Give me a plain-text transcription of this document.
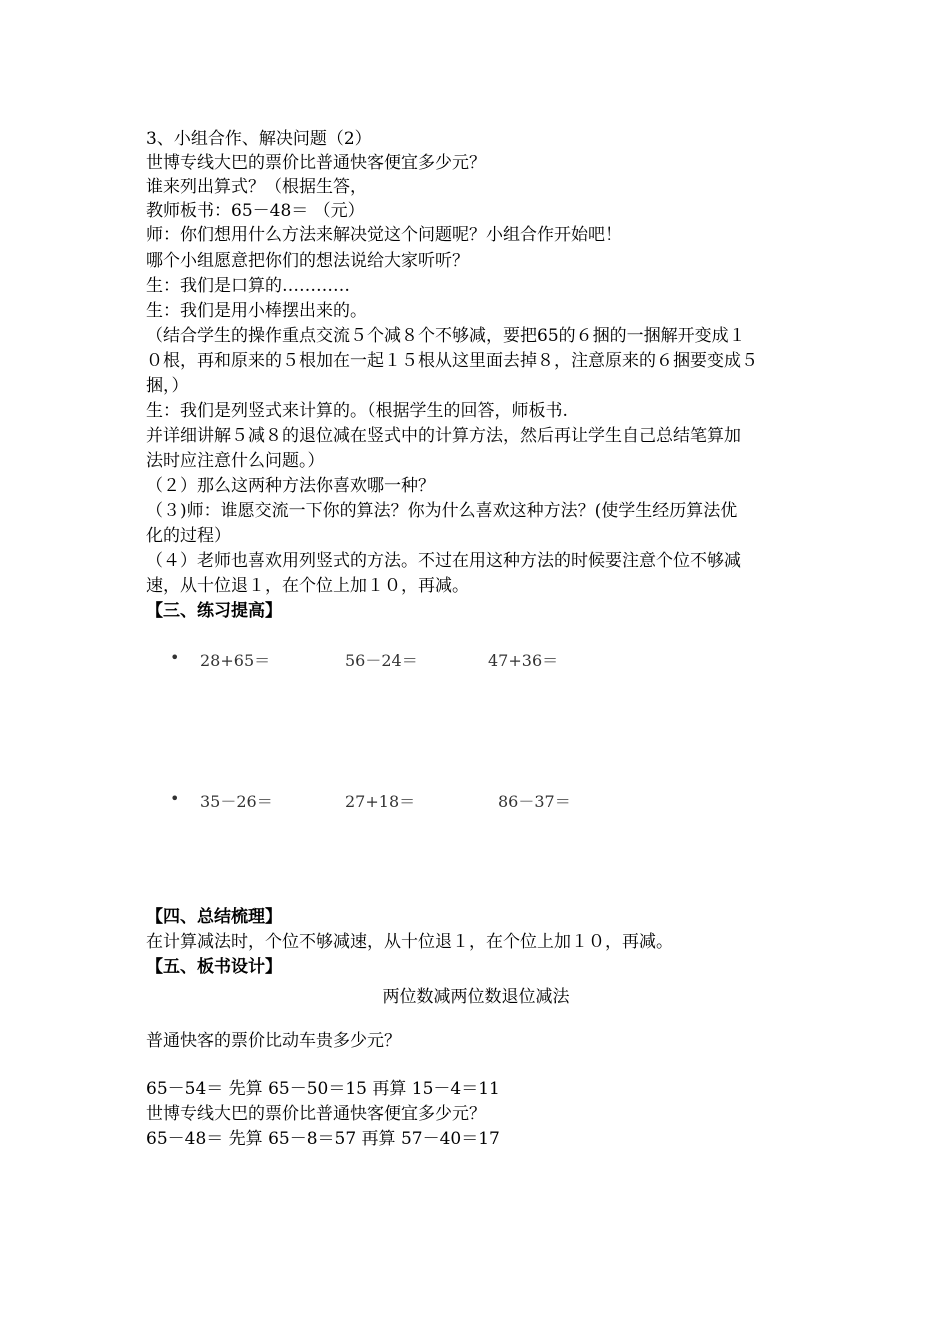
3、小组合作、解决问题（2）
世博专线大巴的票价比普通快客便宜多少元？
谁来列出算式？（根据生答，
教师板书：65－48＝ （元）
师：你们想用什么方法来解决觉这个问题呢？小组合作开始吧！
哪个小组愿意把你们的想法说给大家听听？
生：我们是口算的…………
生：我们是用小棒摆出来的。
（结合学生的操作重点交流５个减８个不够减，要把65的６捆的一捆解开变成１
０根，再和原来的５根加在一起１５根从这里面去掉８，注意原来的６捆要变成５
捆，）
生：我们是列竖式来计算的。（根据学生的回答，师板书.
并详细讲解５减８的退位减在竖式中的计算方法，然后再让学生自己总结笔算加
法时应注意什么问题。）
（２）那么这两种方法你喜欢哪一种？
（３)师：谁愿交流一下你的算法？你为什么喜欢这种方法？(使学生经历算法优
化的过程）
（４）老师也喜欢用列竖式的方法。不过在用这种方法的时候要注意个位不够减
速，从十位退１，在个位上加１０，再减。
【三、练习提高】
• 28+65＝	56－24＝	47+36＝
• 35－26＝	27+18＝	86－37＝
【四、总结梳理】
在计算减法时，个位不够减速，从十位退１，在个位上加１０，再减。
【五、板书设计】
两位数减两位数退位减法
普通快客的票价比动车贵多少元？
65－54＝ 先算 65－50＝15 再算 15－4＝11
世博专线大巴的票价比普通快客便宜多少元？
65－48＝ 先算 65－8＝57 再算 57－40＝17
